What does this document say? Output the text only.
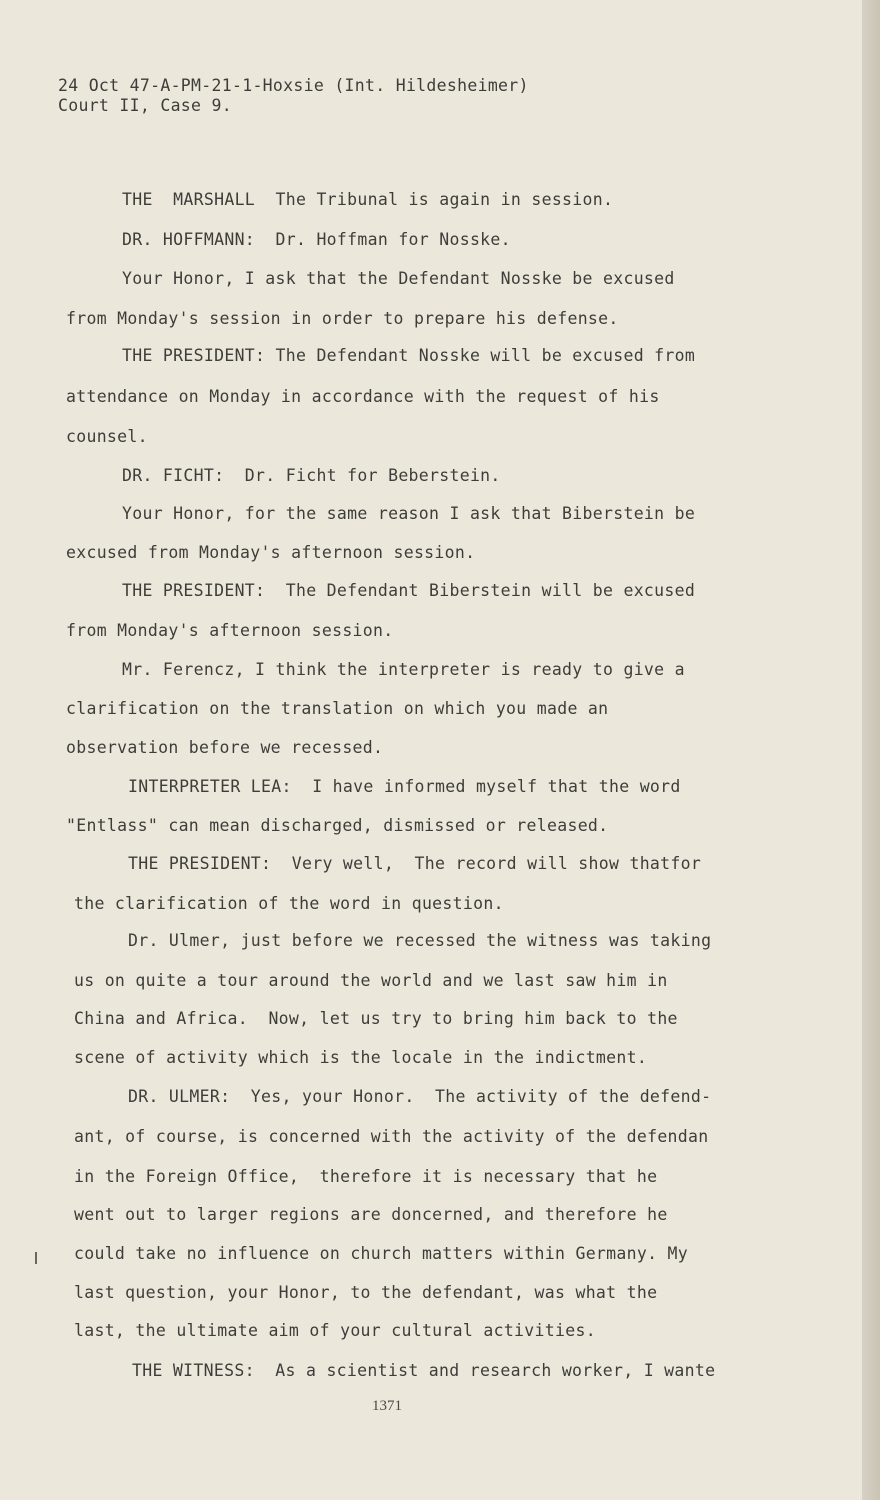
24 Oct 47-A-PM-21-1-Hoxsie (Int. Hildesheimer)
Court II, Case 9.
THE  MARSHALL  The Tribunal is again in session.
DR. HOFFMANN:  Dr. Hoffman for Nosske.
Your Honor, I ask that the Defendant Nosske be excused
from Monday's session in order to prepare his defense.
THE PRESIDENT: The Defendant Nosske will be excused from
attendance on Monday in accordance with the request of his
counsel.
DR. FICHT:  Dr. Ficht for Beberstein.
Your Honor, for the same reason I ask that Biberstein be
excused from Monday's afternoon session.
THE PRESIDENT:  The Defendant Biberstein will be excused
from Monday's afternoon session.
Mr. Ferencz, I think the interpreter is ready to give a
clarification on the translation on which you made an
observation before we recessed.
INTERPRETER LEA:  I have informed myself that the word
"Entlass" can mean discharged, dismissed or released.
THE PRESIDENT:  Very well,  The record will show thatfor
the clarification of the word in question.
Dr. Ulmer, just before we recessed the witness was taking
us on quite a tour around the world and we last saw him in
China and Africa.  Now, let us try to bring him back to the
scene of activity which is the locale in the indictment.
DR. ULMER:  Yes, your Honor.  The activity of the defend-
ant, of course, is concerned with the activity of the defendan
in the Foreign Office,  therefore it is necessary that he
went out to larger regions are doncerned, and therefore he
could take no influence on church matters within Germany. My
last question, your Honor, to the defendant, was what the
last, the ultimate aim of your cultural activities.
THE WITNESS:  As a scientist and research worker, I wante
1371
